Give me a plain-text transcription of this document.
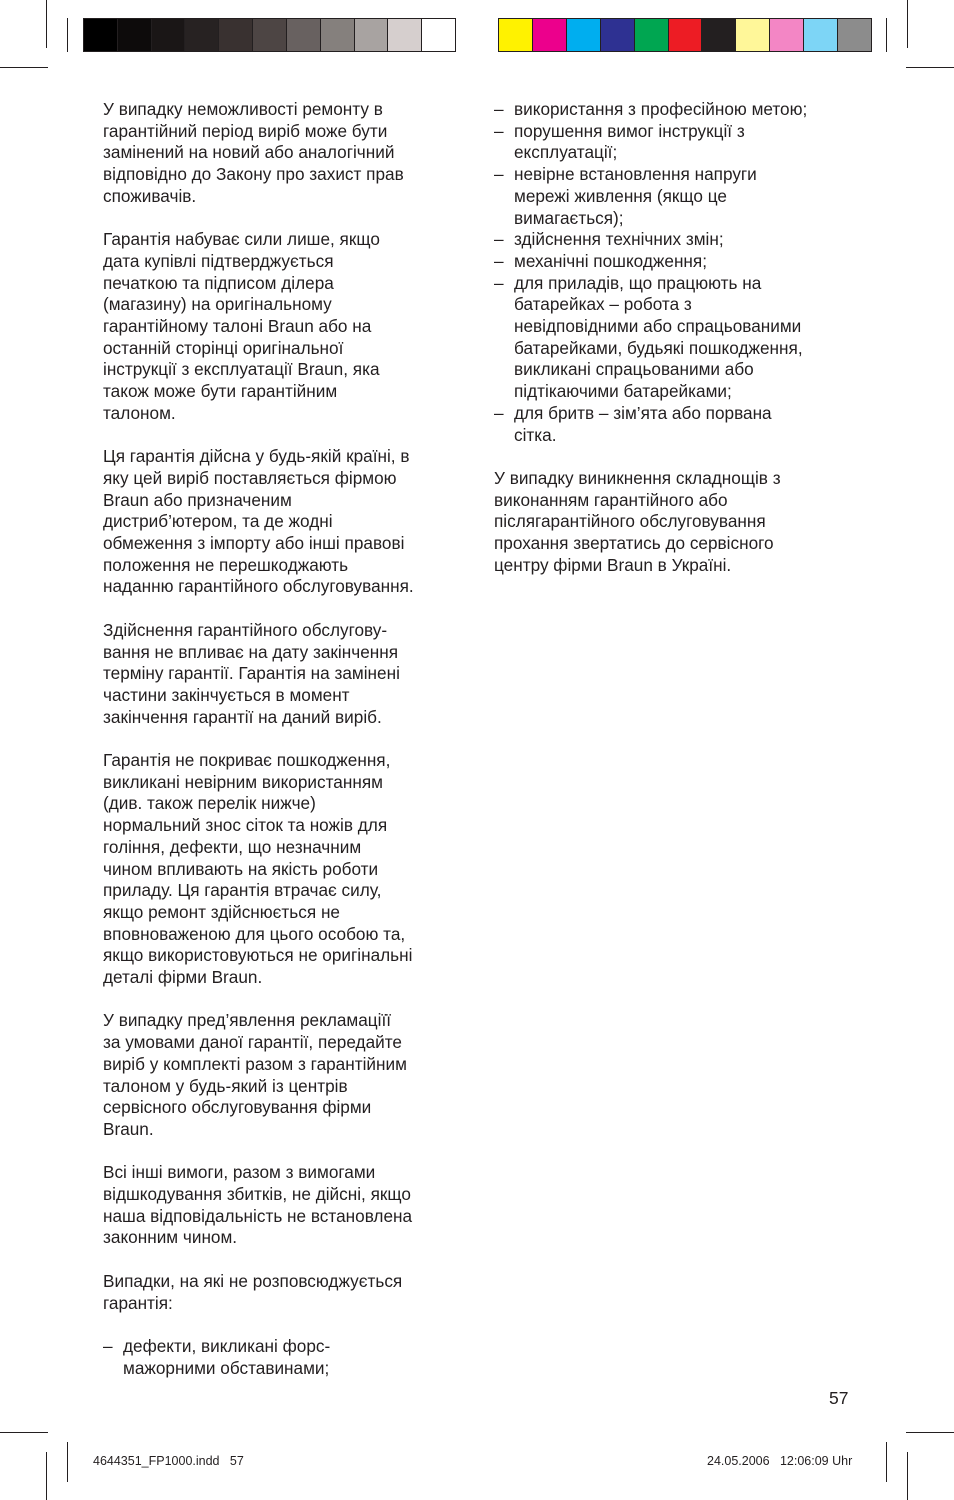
У випадку неможливості ремонту в
гарантійний період виріб може бути
замінений на новий або аналогічний
відповідно до Закону про захист прав
споживачів.

Гарантія набуває сили лише, якщо
дата купівлі підтверджується
печаткою та підписом ділера
(магазину) на оригінальному
гарантійному талоні Braun або на
останній сторінці оригінальної
інструкції з експлуатації Braun, яка
також може бути гарантійним
талоном.

Ця гарантія дійсна у будь-якій країні, в
яку цей виріб поставляється фірмою
Braun або призначеним
дистриб’ютером, та де жодні
обмеження з імпорту або інші правові
положення не перешкоджають
наданню гарантійного обслуговування.

Здійснення гарантійного обслугову-
вання не впливає на дату закінчення
терміну гарантії. Гарантія на замінені
частини закінчується в момент
закінчення гарантії на даний виріб.

Гарантія не покриває пошкодження,
викликані невірним використанням
(див. також перелік нижче)
нормальний знос сіток та ножів для
гоління, дефекти, що незначним
чином впливають на якість роботи
приладу. Ця гарантія втрачає силу,
якщо ремонт здійснюється не
вповноваженою для цього особою та,
якщо використовуються не оригінальні
деталі фірми Braun.

У випадку пред’явлення рекламаціїї
за умовами даної гарантії, передайте
виріб у комплекті разом з гарантійним
талоном у будь-який із центрів
сервісного обслуговування фірми
Braun.

Всі інші вимоги, разом з вимогами
відшкодування збитків, не дійсні, якщо
наша відповідальність не встановлена
законним чином.

Випадки, на які не розповсюджується
гарантія:

– дефекти, викликані форс-
мажорними обставинами;
– використання з професійною метою;
– порушення вимог інструкції з
експлуатації;
– невірне встановлення напруги
мережі живлення (якщо це
вимагається);
– здійснення технічних змін;
– механічні пошкодження;
– для приладів, що працюють на
батарейках – робота з
невідповідними або спрацьованими
батарейками, будьякі пошкодження,
викликані спрацьованими або
підтікаючими батарейками;
– для бритв – зім’ята або порвана
сітка.

У випадку виникнення складнощів з
виконанням гарантійного або
післягарантійного обслуговування
прохання звертатись до сервісного
центру фірми Braun в Україні.

57
4644351_FP1000.indd   57	24.05.2006   12:06:09 Uhr
